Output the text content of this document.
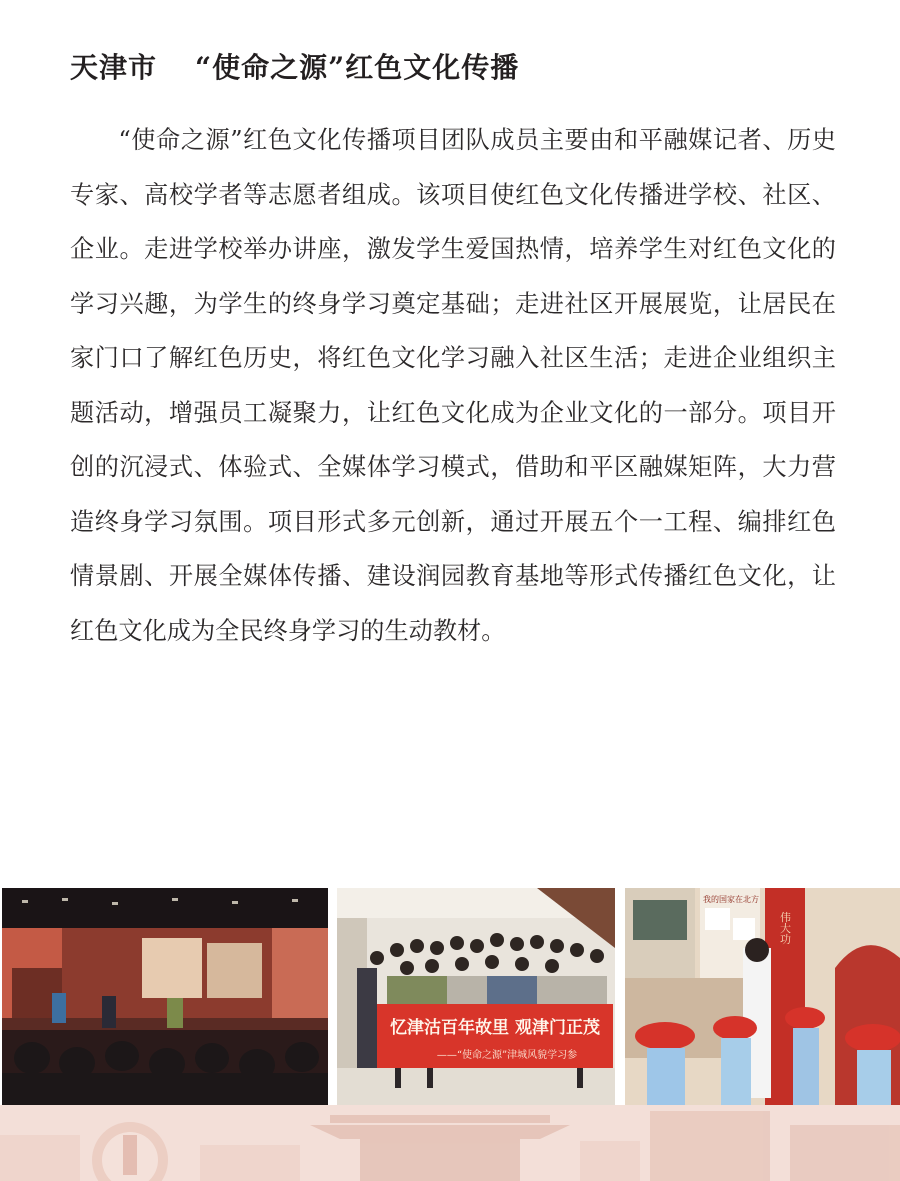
天津市 “使命之源”红色文化传播

“使命之源”红色文化传播项目团队成员主要由和平融媒记者、历史专家、高校学者等志愿者组成。该项目使红色文化传播进学校、社区、企业。走进学校举办讲座，激发学生爱国热情，培养学生对红色文化的学习兴趣，为学生的终身学习奠定基础；走进社区开展展览，让居民在家门口了解红色历史，将红色文化学习融入社区生活；走进企业组织主题活动，增强员工凝聚力，让红色文化成为企业文化的一部分。项目开创的沉浸式、体验式、全媒体学习模式，借助和平区融媒矩阵，大力营造终身学习氛围。项目形式多元创新，通过开展五个一工程、编排红色情景剧、开展全媒体传播、建设润园教育基地等形式传播红色文化，让红色文化成为全民终身学习的生动教材。

忆津沽百年故里 观津门正茂
——“使命之源”津城风貌学习参
我的国家在北方
伟大功
